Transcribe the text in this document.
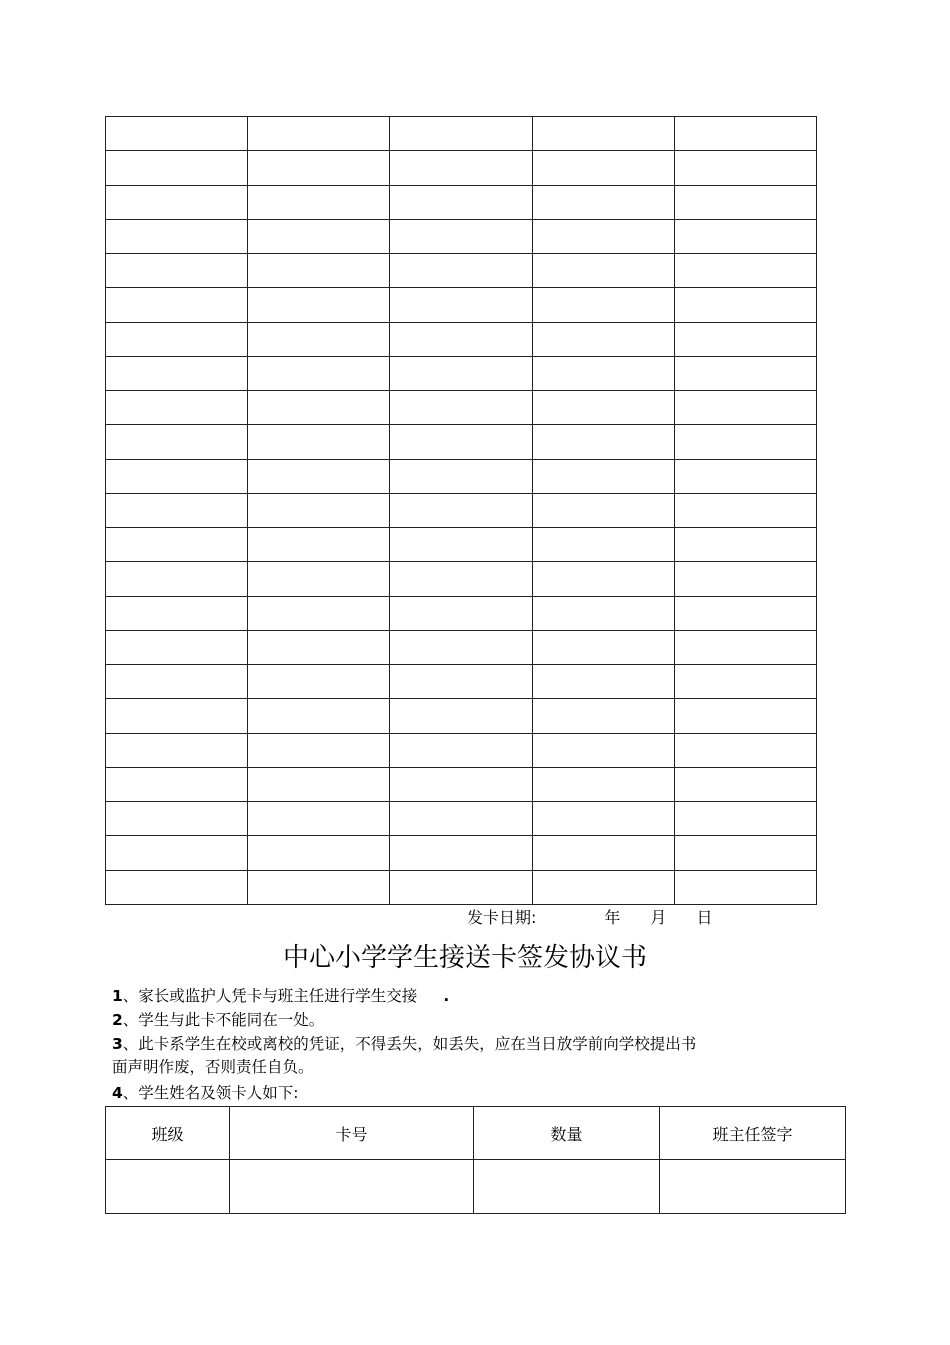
发卡日期:	年 月 日
中心小学学生接送卡签发协议书
1、家长或监护人凭卡与班主任进行学生交接 .
2、学生与此卡不能同在一处。
3、此卡系学生在校或离校的凭证，不得丢失，如丢失，应在当日放学前向学校提出书
面声明作废，否则责任自负。
4、学生姓名及领卡人如下:
班级	卡号	数量	班主任签字
